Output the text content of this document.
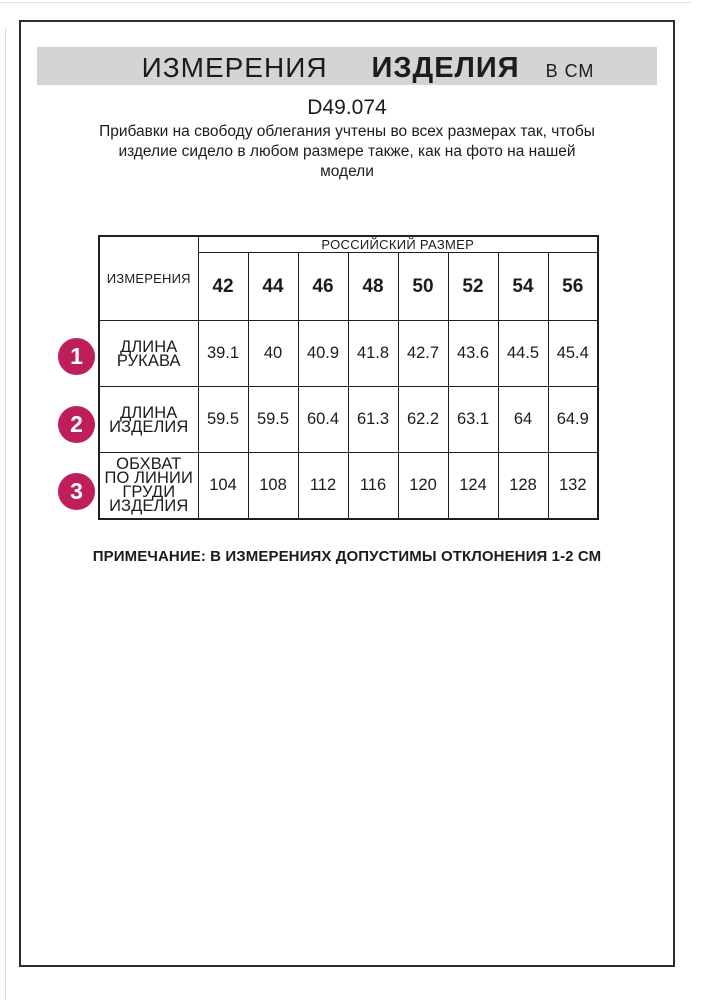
ИЗМЕРЕНИЯ ИЗДЕЛИЯ В СМ
D49.074
Прибавки на свободу облегания учтены во всех размерах так, чтобы изделие сидело в любом размере также, как на фото на нашей модели
ИЗМЕРЕНИЯ	РОССИЙСКИЙ РАЗМЕР							
	42	44	46	48	50	52	54	56
ДЛИНА РУКАВА	39.1	40	40.9	41.8	42.7	43.6	44.5	45.4
ДЛИНА ИЗДЕЛИЯ	59.5	59.5	60.4	61.3	62.2	63.1	64	64.9
ОБХВАТ ПО ЛИНИИ ГРУДИ ИЗДЕЛИЯ	104	108	112	116	120	124	128	132
1
2
3
ПРИМЕЧАНИЕ: В ИЗМЕРЕНИЯХ ДОПУСТИМЫ ОТКЛОНЕНИЯ 1-2 СМ
